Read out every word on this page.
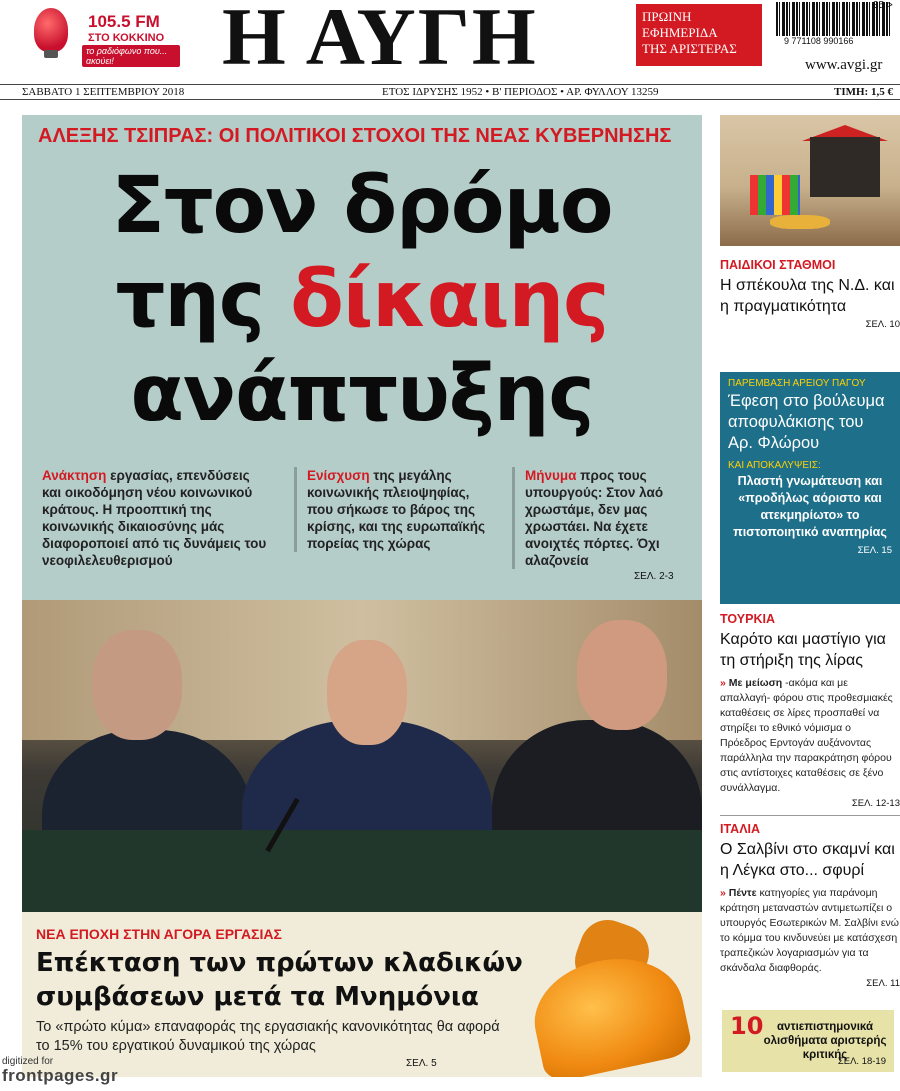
105.5 FM
ΣΤΟ ΚΟΚΚΙΝΟ
το ραδιόφωνο που... ακούει!	Η ΑΥΓΗ	ΠΡΩΙΝΗ
ΕΦΗΜΕΡΙΔΑ
ΤΗΣ ΑΡΙΣΤΕΡΑΣ	9 771108 990166
35 >
www.avgi.gr
ΣΑΒΒΑΤΟ 1 ΣΕΠΤΕΜΒΡΙΟΥ 2018	ΕΤΟΣ ΙΔΡΥΣΗΣ 1952 • Β' ΠΕΡΙΟΔΟΣ • ΑΡ. ΦΥΛΛΟΥ 13259	ΤΙΜΗ: 1,5 €
ΑΛΕΞΗΣ ΤΣΙΠΡΑΣ: ΟΙ ΠΟΛΙΤΙΚΟΙ ΣΤΟΧΟΙ ΤΗΣ ΝΕΑΣ ΚΥΒΕΡΝΗΣΗΣ
Στον δρόμο
της δίκαιης
ανάπτυξης
Ανάκτηση εργασίας, επενδύσεις και οικοδόμηση νέου κοινωνικού κράτους. Η προοπτική της κοινωνικής δικαιοσύνης μάς διαφοροποιεί από τις δυνάμεις του νεοφιλελευθερισμού
Ενίσχυση της μεγάλης κοινωνικής πλειοψηφίας, που σήκωσε το βάρος της κρίσης, και της ευρωπαϊκής πορείας της χώρας
Μήνυμα προς τους υπουργούς: Στον λαό χρωστάμε, δεν μας χρωστάει. Να έχετε ανοιχτές πόρτες. Όχι αλαζονεία
ΣΕΛ. 2-3
ΝΕΑ ΕΠΟΧΗ ΣΤΗΝ ΑΓΟΡΑ ΕΡΓΑΣΙΑΣ
Επέκταση των πρώτων κλαδικών
συμβάσεων μετά τα Μνημόνια
Το «πρώτο κύμα» επαναφοράς της εργασιακής κανονικότητας θα αφορά το 15% του εργατικού δυναμικού της χώρας
ΣΕΛ. 5
ΠΑΙΔΙΚΟΙ ΣΤΑΘΜΟΙ
Η σπέκουλα της Ν.Δ. και η πραγματικότητα
ΣΕΛ. 10
ΠΑΡΕΜΒΑΣΗ ΑΡΕΙΟΥ ΠΑΓΟΥ
Έφεση στο βούλευμα αποφυλάκισης του Αρ. Φλώρου
ΚΑΙ ΑΠΟΚΑΛΥΨΕΙΣ:
Πλαστή γνωμάτευση και «προδήλως αόριστο και ατεκμηρίωτο» το πιστοποιητικό αναπηρίας
ΣΕΛ. 15
ΤΟΥΡΚΙΑ
Καρότο και μαστίγιο για τη στήριξη της λίρας
» Με μείωση -ακόμα και με απαλλαγή- φόρου στις προθεσμιακές καταθέσεις σε λίρες προσπαθεί να στηρίξει το εθνικό νόμισμα ο Πρόεδρος Ερντογάν αυξάνοντας παράλληλα την παρακράτηση φόρου στις αντίστοιχες καταθέσεις σε ξένο συνάλλαγμα.
ΣΕΛ. 12-13
ΙΤΑΛΙΑ
Ο Σαλβίνι στο σκαμνί και η Λέγκα στο... σφυρί
» Πέντε κατηγορίες για παράνομη κράτηση μεταναστών αντιμετωπίζει ο υπουργός Εσωτερικών Μ. Σαλβίνι ενώ το κόμμα του κινδυνεύει με κατάσχεση τραπεζικών λογαριασμών για τα σκάνδαλα διαφθοράς.
ΣΕΛ. 11
10	αντιεπιστημονικά ολισθήματα αριστερής κριτικής
ΣΕΛ. 18-19
digitized for
frontpages.gr
